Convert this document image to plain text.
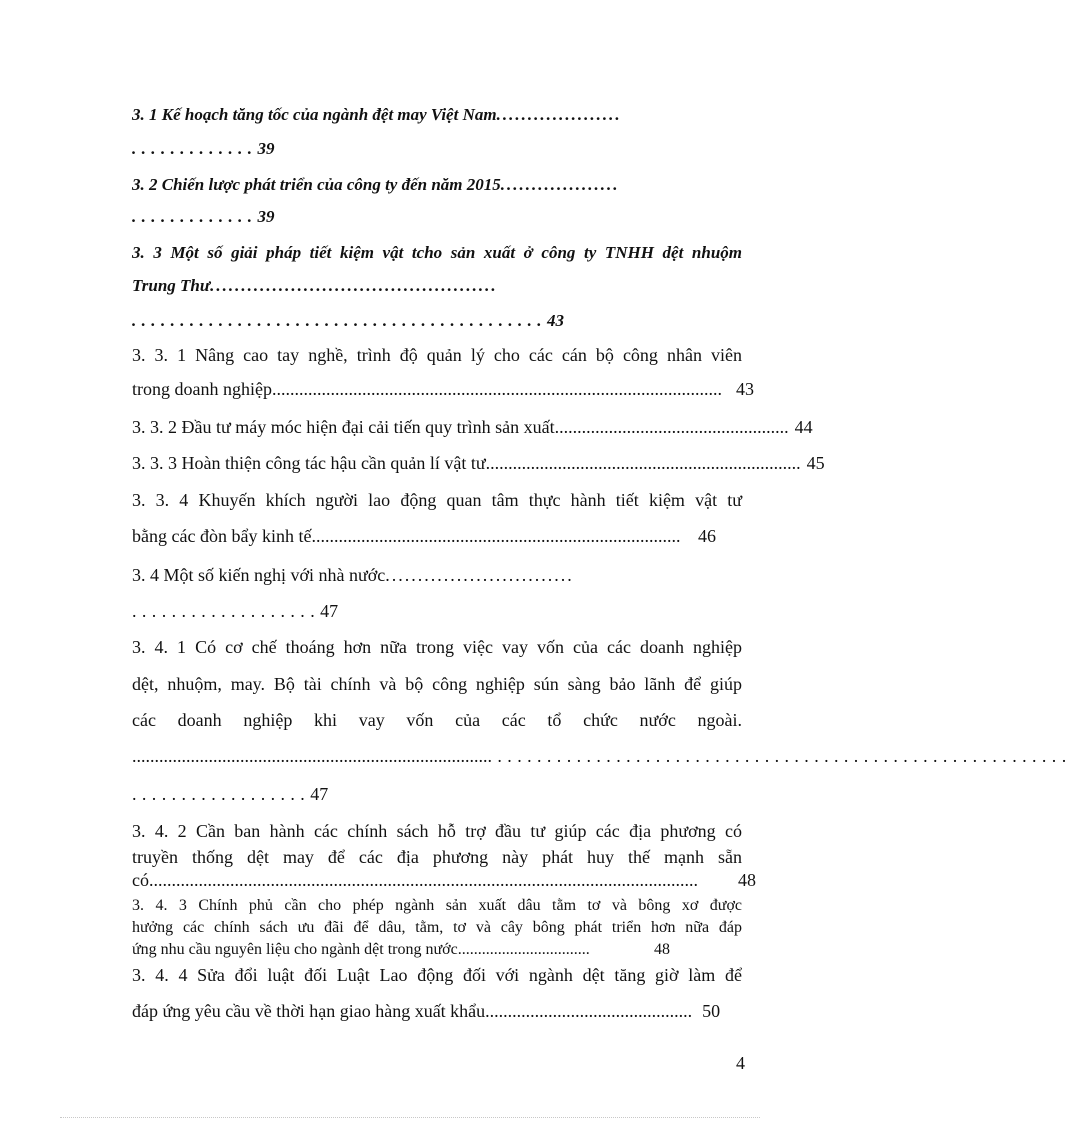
3. 1 Kế hoạch tăng tốc của ngành đệt may Việt Nam ....................
.............39
3. 2 Chiến lược phát triển của công ty đến năm 2015 ...................
.............39
3. 3 Một số giải pháp tiết kiệm vật tcho sản xuất ở công ty TNHH dệt nhuộm
Trung Thư ..............................................
...........................................43
3. 3. 1 Nâng cao tay nghề, trình độ quản lý cho các cán bộ công nhân viên
trong doanh nghiệp .................................................................................................... 43
3. 3. 2 Đầu tư máy móc hiện đại cải tiến quy trình sản xuất .................................................... 44
3. 3. 3 Hoàn thiện công tác hậu cần quản lí vật tư ...................................................................... 45
3. 3. 4 Khuyến khích người lao động quan tâm thực hành tiết kiệm vật tư
bằng các đòn bẩy kinh tế .................................................................................. 46
3. 4 Một số kiến nghị với nhà nước .............................
...................47
3. 4. 1 Có cơ chế thoáng hơn nữa trong việc vay vốn của các doanh nghiệp
dệt, nhuộm, may. Bộ tài chính và bộ công nghiệp sún sàng bảo lãnh để giúp
các doanh nghiệp khi vay vốn của các tổ chức nước ngoài.
..........................................................................................................................................
..................47
3. 4. 2 Cần ban hành các chính sách hỗ trợ đầu tư giúp các địa phương có
truyền thống dệt may để các địa phương này phát huy thế mạnh sẵn
có ..........................................................................................................................	48
3. 4. 3 Chính phủ cần cho phép ngành sản xuất dâu tằm tơ và bông xơ được
hưởng các chính sách ưu đãi để dâu, tằm, tơ và cây bông phát triển hơn nữa đáp
ứng nhu cầu nguyên liệu cho ngành dệt trong nước .................................	48
3. 4. 4 Sửa đổi luật đối Luật Lao động đối với ngành dệt tăng giờ làm để
đáp ứng yêu cầu về thời hạn giao hàng xuất khẩu .............................................. 50
4
